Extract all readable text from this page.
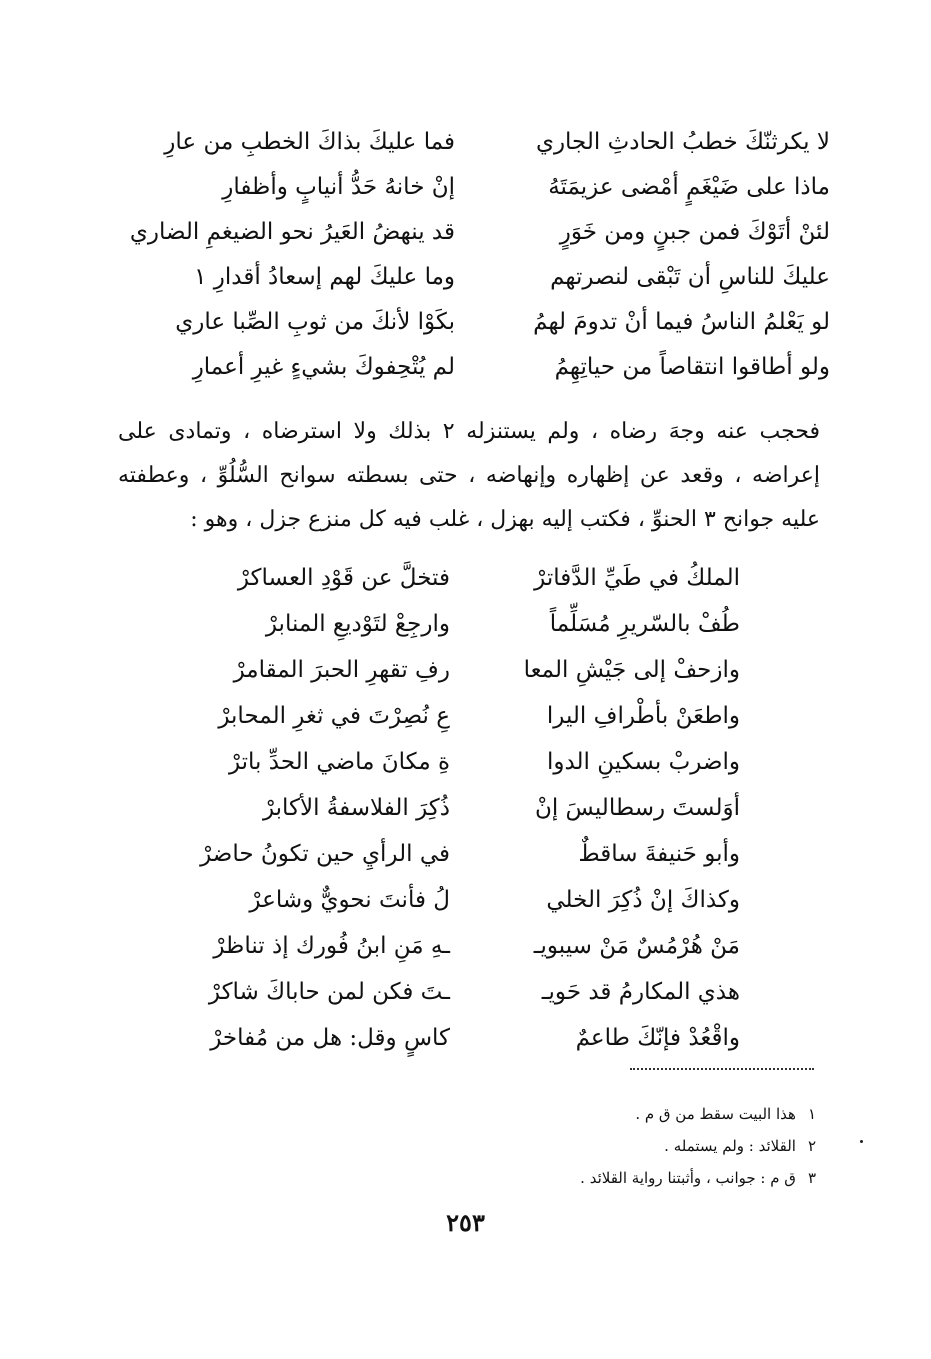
لا يكرثنّكَ خطبُ الحادثِ الجاري
فما عليكَ بذاكَ الخطبِ من عارِ
ماذا على ضَيْغَمٍ أمْضى عزيمَتَهُ
إنْ خانهُ حَدُّ أنيابٍ وأظفارِ
لئنْ أتَوْكَ فمن جبنٍ ومن خَوَرٍ
قد ينهضُ العَيرُ نحو الضيغمِ الضاري
عليكَ للناسِ أن تَبْقى لنصرتهم
وما عليكَ لهم إسعادُ أقدارِ ١
لو يَعْلمُ الناسُ فيما أنْ تدومَ لهمُ
بكَوْا لأنكَ من ثوبِ الصِّبا عاري
ولو أطاقوا انتقاصاً من حياتِهِمُ
لم يُتْحِفوكَ بشيءٍ غيرِ أعمارِ
فحجب عنه وجهَ رضاه ، ولم يستنزله ٢ بذلك ولا استرضاه ، وتمادى على إعراضه ، وقعد عن إظهاره وإنهاضه ، حتى بسطته سوانح السُّلُوِّ ، وعطفته عليه جوانح ٣ الحنوِّ ، فكتب إليه بهزل ، غلب فيه كل منزع جزل ، وهو :
الملكُ في طَيِّ الدَّفاترْ
فتخلَّ عن قَوْدِ العساكرْ
طُفْ بالسّريرِ مُسَلِّماً
وارجِعْ لتَوْديعِ المنابرْ
وازحفْ إلى جَيْشِ المعا
رفِ تقهرِ الحبرَ المقامرْ
واطعَنْ بأطْرافِ اليرا
عِ نُصِرْتَ في ثغرِ المحابرْ
واضربْ بسكينِ الدوا
ةِ مكانَ ماضي الحدِّ باترْ
أوَلستَ رسطاليسَ إنْ
ذُكِرَ الفلاسفةُ الأكابرْ
وأبو حَنيفةَ ساقطٌ
في الرأيِ حين تكونُ حاضرْ
وكذاكَ إنْ ذُكِرَ الخلي
لُ فأنتَ نحويٌّ وشاعرْ
مَنْ هُرْمُسٌ مَنْ سيبويـ
ـهِ مَنِ ابنُ فُورك إذ تناظرْ
هذي المكارمُ قد حَويـ
ـتَ فكن لمن حاباكَ شاكرْ
واقْعُدْ فإنّكَ طاعمٌ
كاسٍ وقل: هل من مُفاخرْ
١هذا البيت سقط من ق م .
٢القلائد : ولم يستمله .
٣ق م : جوانب ، وأثبتنا رواية القلائد .
٢٥٣
